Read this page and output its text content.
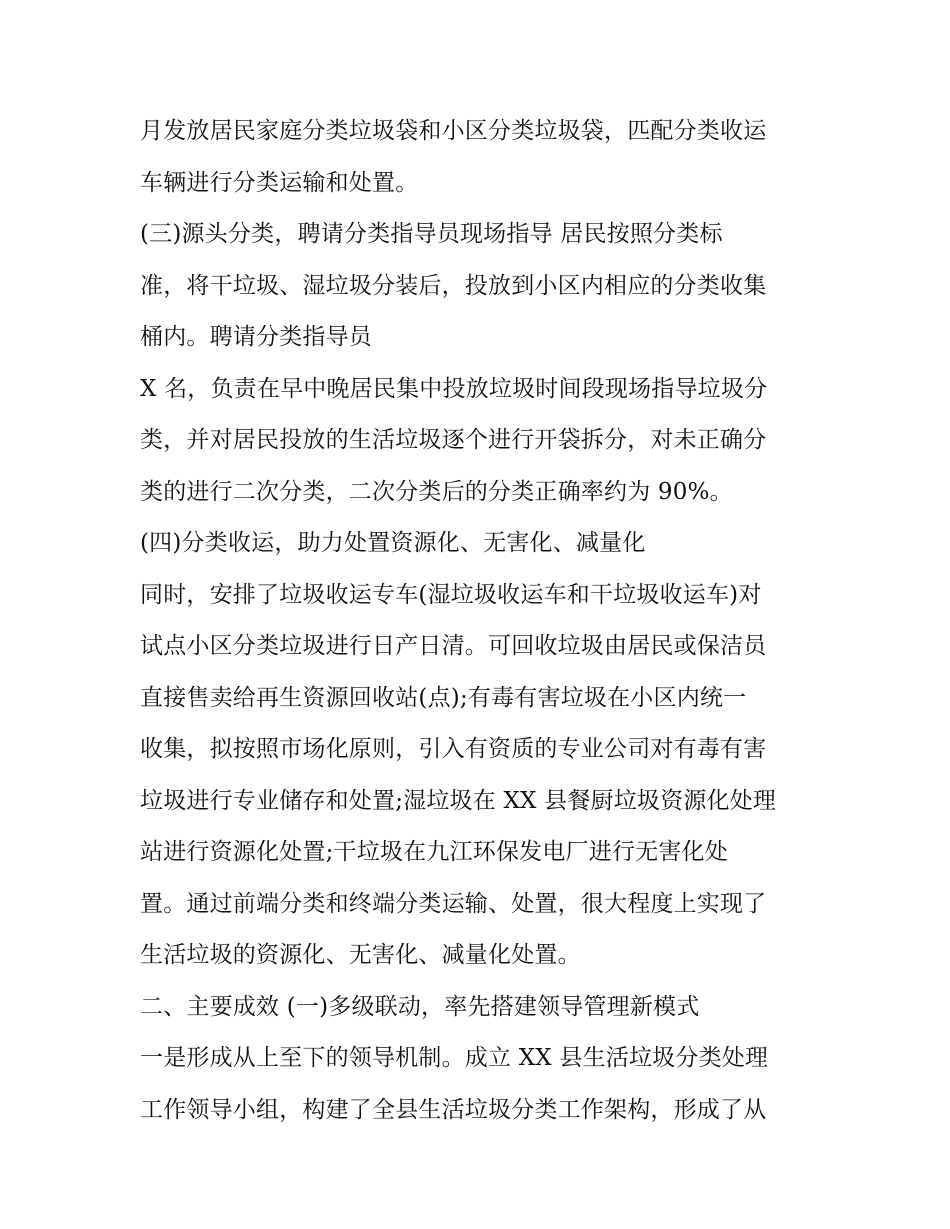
月发放居民家庭分类垃圾袋和小区分类垃圾袋，匹配分类收运
车辆进行分类运输和处置。
(三)源头分类，聘请分类指导员现场指导 居民按照分类标
准，将干垃圾、湿垃圾分装后，投放到小区内相应的分类收集
桶内。聘请分类指导员
X 名，负责在早中晚居民集中投放垃圾时间段现场指导垃圾分
类，并对居民投放的生活垃圾逐个进行开袋拆分，对未正确分
类的进行二次分类，二次分类后的分类正确率约为 90%。
(四)分类收运，助力处置资源化、无害化、减量化
同时，安排了垃圾收运专车(湿垃圾收运车和干垃圾收运车)对
试点小区分类垃圾进行日产日清。可回收垃圾由居民或保洁员
直接售卖给再生资源回收站(点);有毒有害垃圾在小区内统一
收集，拟按照市场化原则，引入有资质的专业公司对有毒有害
垃圾进行专业储存和处置;湿垃圾在 XX 县餐厨垃圾资源化处理
站进行资源化处置;干垃圾在九江环保发电厂进行无害化处
置。通过前端分类和终端分类运输、处置，很大程度上实现了
生活垃圾的资源化、无害化、减量化处置。
二、主要成效 (一)多级联动，率先搭建领导管理新模式
一是形成从上至下的领导机制。成立 XX 县生活垃圾分类处理
工作领导小组，构建了全县生活垃圾分类工作架构，形成了从
